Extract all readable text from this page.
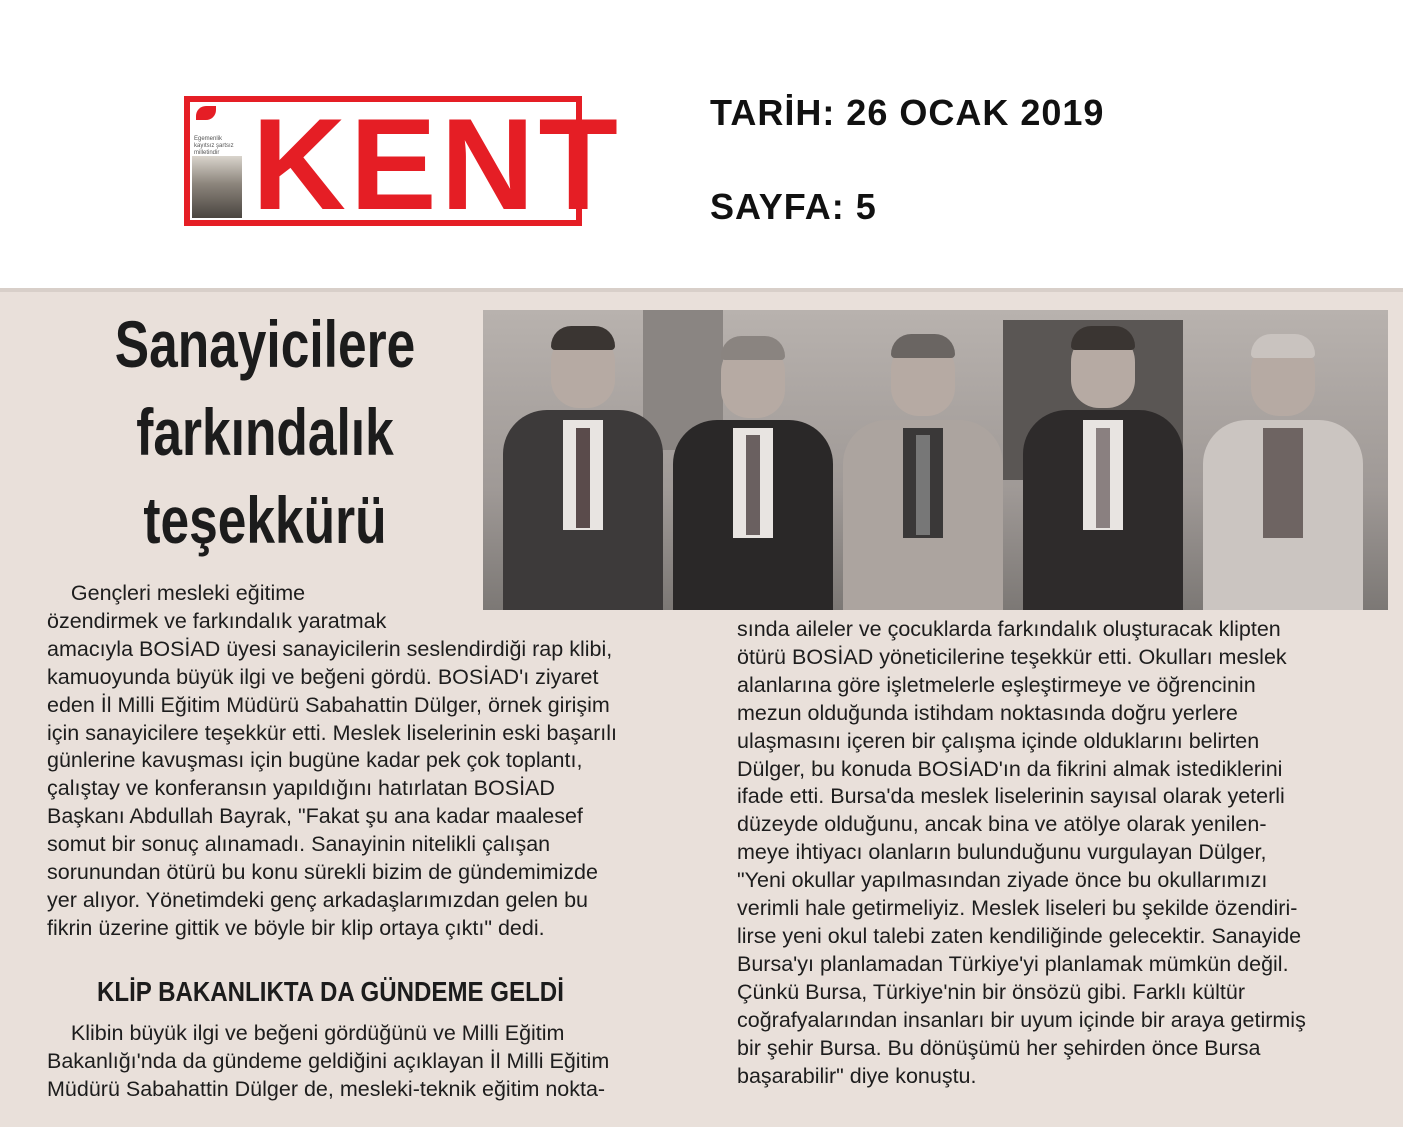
Egemenlik kayıtsız şartsız milletindir KENT TARİH: 26 OCAK 2019
SAYFA: 5
Sanayicilere
farkındalık
teşekkürü

Gençleri mesleki eğitime

özendirmek ve farkındalık yaratmak

amacıyla BOSİAD üyesi sanayicilerin seslendirdiği rap klibi,

kamuoyunda büyük ilgi ve beğeni gördü. BOSİAD'ı ziyaret

eden İl Milli Eğitim Müdürü Sabahattin Dülger, örnek girişim

için sanayicilere teşekkür etti. Meslek liselerinin eski başarılı

günlerine kavuşması için bugüne kadar pek çok toplantı,

çalıştay ve konferansın yapıldığını hatırlatan BOSİAD

Başkanı Abdullah Bayrak, "Fakat şu ana kadar maalesef

somut bir sonuç alınamadı. Sanayinin nitelikli çalışan

sorunundan ötürü bu konu sürekli bizim de gündemimizde

yer alıyor. Yönetimdeki genç arkadaşlarımızdan gelen bu

fikrin üzerine gittik ve böyle bir klip ortaya çıktı" dedi.

KLİP BAKANLIKTA DA GÜNDEME GELDİ

Klibin büyük ilgi ve beğeni gördüğünü ve Milli Eğitim

Bakanlığı'nda da gündeme geldiğini açıklayan İl Milli Eğitim

Müdürü Sabahattin Dülger de, mesleki-teknik eğitim nokta-

sında aileler ve çocuklarda farkındalık oluşturacak klipten

ötürü BOSİAD yöneticilerine teşekkür etti. Okulları meslek

alanlarına göre işletmelerle eşleştirmeye ve öğrencinin

mezun olduğunda istihdam noktasında doğru yerlere

ulaşmasını içeren bir çalışma içinde olduklarını belirten

Dülger, bu konuda BOSİAD'ın da fikrini almak istediklerini

ifade etti. Bursa'da meslek liselerinin sayısal olarak yeterli

düzeyde olduğunu, ancak bina ve atölye olarak yenilen-

meye ihtiyacı olanların bulunduğunu vurgulayan Dülger,

"Yeni okullar yapılmasından ziyade önce bu okullarımızı

verimli hale getirmeliyiz. Meslek liseleri bu şekilde özendiri-

lirse yeni okul talebi zaten kendiliğinde gelecektir. Sanayide

Bursa'yı planlamadan Türkiye'yi planlamak mümkün değil.

Çünkü Bursa, Türkiye'nin bir önsözü gibi. Farklı kültür

coğrafyalarından insanları bir uyum içinde bir araya getirmiş

bir şehir Bursa. Bu dönüşümü her şehirden önce Bursa

başarabilir" diye konuştu.
